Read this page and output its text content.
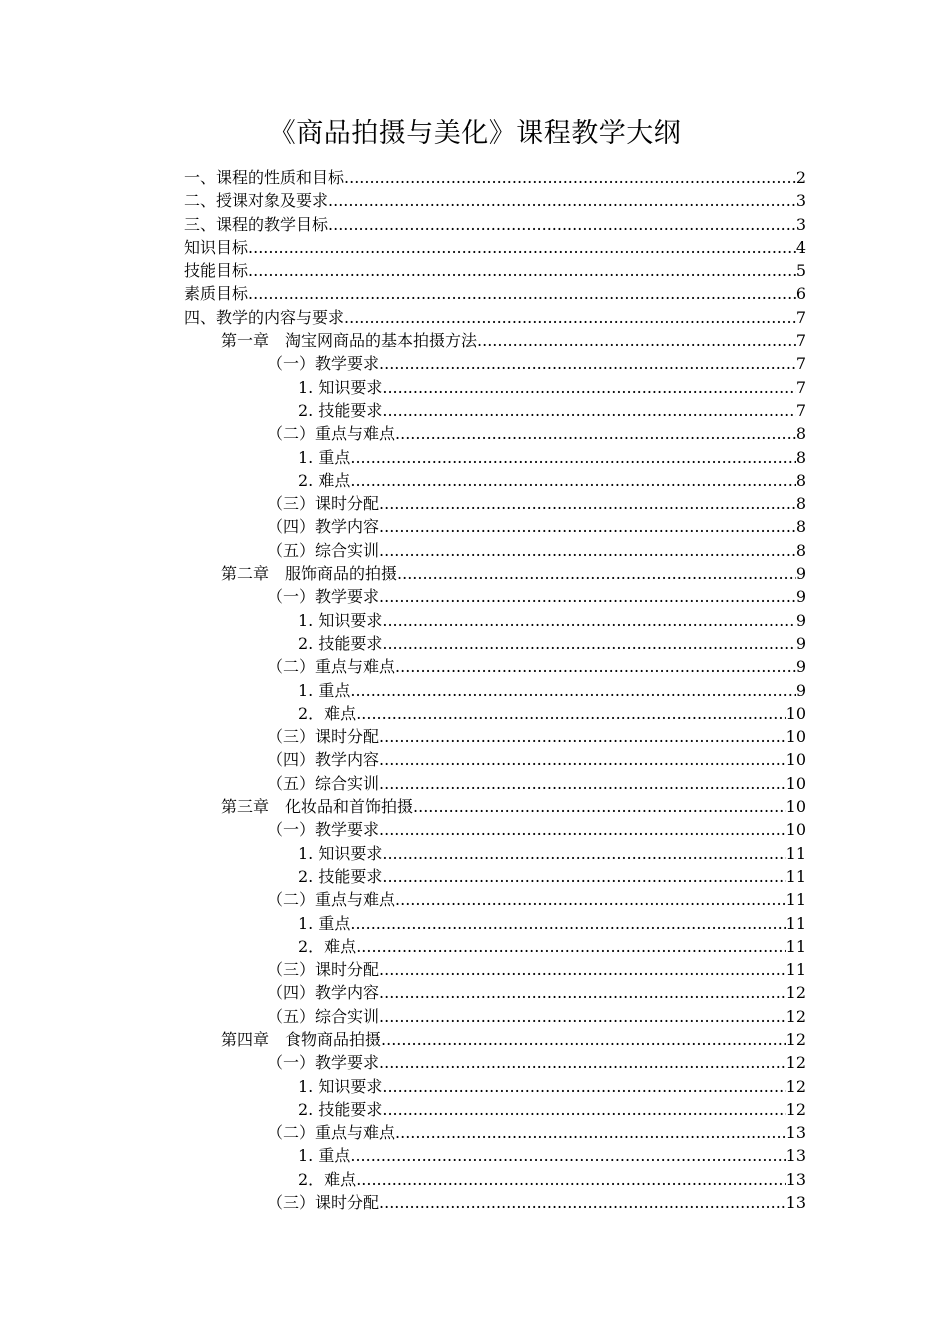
《商品拍摄与美化》课程教学大纲
一、课程的性质和目标 .....	2
二、授课对象及要求 .....	3
三、课程的教学目标 .....	3
知识目标 .....	4
技能目标 .....	5
素质目标 .....	6
四、教学的内容与要求 .....	7
第一章　淘宝网商品的基本拍摄方法 .....	7
（一）教学要求 .....	7
1. 知识要求 .....	7
2. 技能要求 .....	7
（二）重点与难点 .....	8
1. 重点 .....	8
2. 难点 .....	8
（三）课时分配 .....	8
（四）教学内容 .....	8
（五）综合实训 .....	8
第二章　服饰商品的拍摄 .....	9
（一）教学要求 .....	9
1. 知识要求 .....	9
2. 技能要求 .....	9
（二）重点与难点 .....	9
1. 重点 .....	9
2．难点 .....	10
（三）课时分配 .....	10
（四）教学内容 .....	10
（五）综合实训 .....	10
第三章　化妆品和首饰拍摄 .....	10
（一）教学要求 .....	10
1. 知识要求 .....	11
2. 技能要求 .....	11
（二）重点与难点 .....	11
1. 重点 .....	11
2．难点 .....	11
（三）课时分配 .....	11
（四）教学内容 .....	12
（五）综合实训 .....	12
第四章　食物商品拍摄 .....	12
（一）教学要求 .....	12
1. 知识要求 .....	12
2. 技能要求 .....	12
（二）重点与难点 .....	13
1. 重点 .....	13
2．难点 .....	13
（三）课时分配 .....	13
